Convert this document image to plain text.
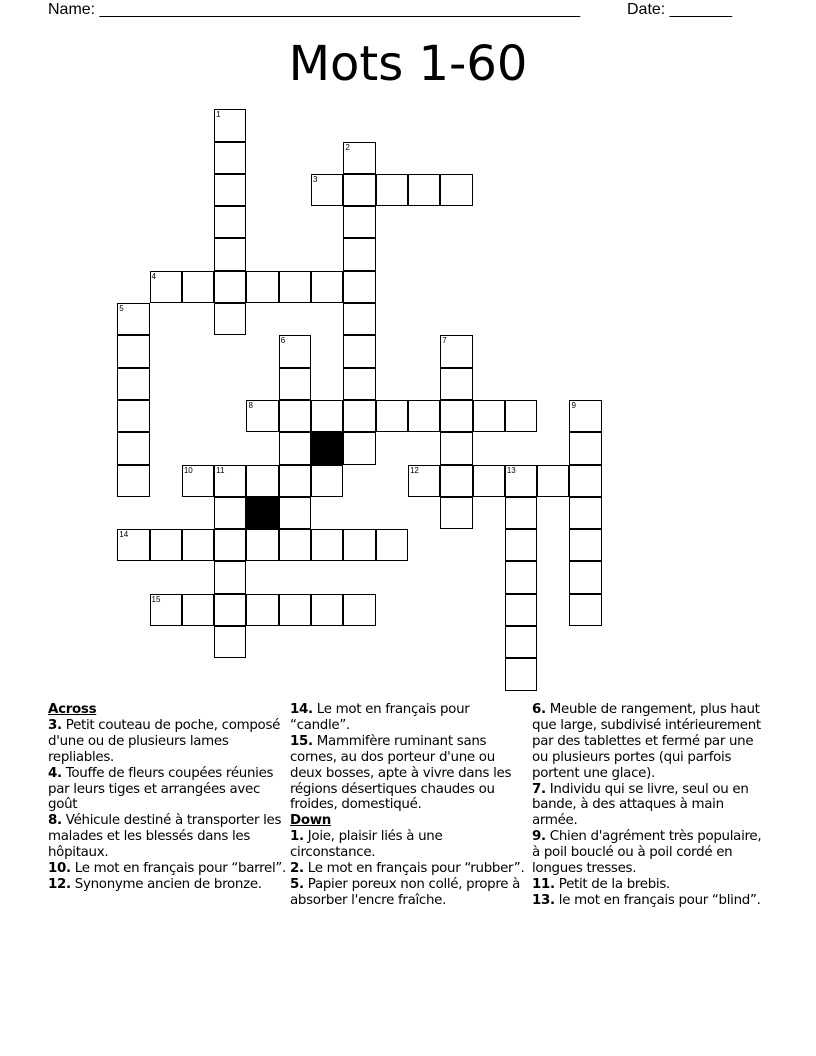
Name: ______________________________________________________	Date: _______
Mots 1-60
1
2
3
4
5
6	7
8	9
10	11	12	13
14
15
Across
3. Petit couteau de poche, composé d'une ou de plusieurs lames repliables.
4. Touffe de fleurs coupées réunies par leurs tiges et arrangées avec goût
8. Véhicule destiné à transporter les malades et les blessés dans les hôpitaux.
10. Le mot en français pour “barrel”.
12. Synonyme ancien de bronze.
14. Le mot en français pour “candle”.
15. Mammifère ruminant sans cornes, au dos porteur d'une ou deux bosses, apte à vivre dans les régions désertiques chaudes ou froides, domestiqué.
Down
1. Joie, plaisir liés à une circonstance.
2. Le mot en français pour “rubber”.
5. Papier poreux non collé, propre à absorber l'encre fraîche.
6. Meuble de rangement, plus haut que large, subdivisé intérieurement par des tablettes et fermé par une ou plusieurs portes (qui parfois portent une glace).
7. Individu qui se livre, seul ou en bande, à des attaques à main armée.
9. Chien d'agrément très populaire, à poil bouclé ou à poil cordé en longues tresses.
11. Petit de la brebis.
13. le mot en français pour “blind”.
